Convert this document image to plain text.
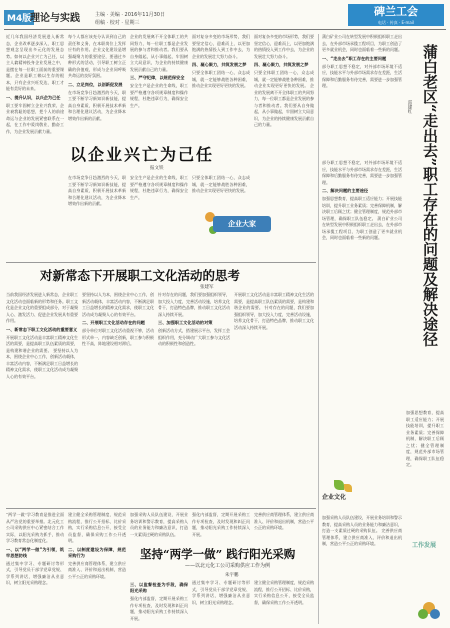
M4版
理论与实践	主编 · 美编 · 2016年11月30日
组稿 · 校对 · 星期三
碑兰工会
电话 · 传真 · E-mail
近几年我国经济发展进入新常态，企业改革逐步深入，职工思想观念呈现出多元化的发展态势。如何以企业兴亡为己任，以主人翁精神投身企业发展之中，是摆在每一位职工面前的重要课题。企业是职工赖以生存的根本，只有企业兴旺发达，职工才能有美好的未来。
一、提升认识，以兴企为己任
职工要牢固树立企业兴我荣、企业衰我耻的思想，把个人的前途命运与企业的发展紧密联系在一起，在工作中爱岗敬业，勤奋工作，为企业发展贡献力量。
每个人都应该充分认识到自己的责任和义务，在本职岗位上发挥应有的作用。企业文化建设是增强凝聚力的重要途径，要通过多种形式的活动，引导职工树立正确的价值观，形成与企业同呼吸共命运的良好氛围。
二、立足岗位，以创新促发展
在市场竞争日趋激烈的今天，职工要不断学习新知识新技能，提高自身素质，积极开展技术革新和合理化建议活动，为企业降本增效作出新的贡献。
企业的发展离不开全体职工的共同努力，每一位职工都是企业发展的参与者和推动者。我们要从自身做起，从小事做起，牢固树立大局意识，为企业的持续健康发展贡献自己的力量。
三、严守纪律，以规范保安全
安全生产是企业的生命线，职工要严格遵守各项规章制度和操作规程，杜绝违章行为，确保安全生产。
面对复杂多变的市场形势，我们要坚定信心，迎难而上，以更加饱满的热情投入到工作中去，为企业的发展壮大努力奋斗。
四、凝心聚力，共筑发展之梦
只要全体职工团结一心，众志成城，就一定能够战胜各种困难，推动企业实现更好更快的发展。
以企业兴亡为己任
报文铁
在市场竞争日趋激烈的今天，职工要不断学习新知识新技能，提高自身素质，积极开展技术革新和合理化建议活动，为企业降本增效作出新的贡献。
安全生产是企业的生命线，职工要严格遵守各项规章制度和操作规程，杜绝违章行为，确保安全生产。
只要全体职工团结一心，众志成城，就一定能够战胜各种困难，推动企业实现更好更快的发展。
企业大家
面对复杂多变的市场形势，我们要坚定信心，迎难而上，以更加饱满的热情投入到工作中去，为企业的发展壮大努力奋斗。
四、凝心聚力，共筑发展之梦
只要全体职工团结一心，众志成城，就一定能够战胜各种困难，推动企业实现更好更快的发展。 企业的发展离不开全体职工的共同努力，每一位职工都是企业发展的参与者和推动者。我们要从自身做起，从小事做起，牢固树立大局意识，为企业的持续健康发展贡献自己的力量。	蒲白老区“走出去”职工存在的问题及解决途径
雷建红
蒲白矿业公司在转型发展中积极组织职工走出去，在外部市场承揽工程项目，为职工创造了更多就业机会，同时也面临着一些新的问题。
一、“走出去”职工存在的主要问题
部分职工思想不稳定，对外部市场环境不适应，技能水平与外部市场需求存在差距，生活保障和后勤服务有待完善，需要进一步加强管理。
部分职工思想不稳定，对外部市场环境不适应，技能水平与外部市场需求存在差距，生活保障和后勤服务有待完善，需要进一步加强管理。
二、解决问题的主要途径
加强思想教育，提高职工适应能力；开展技能培训，提升职工业务素质；完善保障机制，解决职工后顾之忧；健全管理制度，规范外部市场管理，确保职工队伍稳定。 蒲白矿业公司在转型发展中积极组织职工走出去，在外部市场承揽工程项目，为职工创造了更多就业机会，同时也面临着一些新的问题。
加强思想教育，提高职工适应能力；开展技能培训，提升职工业务素质；完善保障机制，解决职工后顾之忧；健全管理制度，规范外部市场管理，确保职工队伍稳定。
对新常态下开展职工文化活动的思考
张建军
当前我国经济发展进入新常态，企业职工文化活动也面临新的形势和任务。职工文化是企业文化的重要组成部分，对于凝聚人心、激发活力、促进企业发展具有重要作用。
一、新常态下职工文化活动的重要意义
开展职工文化活动是丰富职工精神文化生活的需要，是提高职工队伍素质的需要，是构建和谐企业的需要。 要坚持以人为本，围绕企业中心工作，创新活动载体，丰富活动内容，不断满足职工日益增长的精神文化需求，使职工文化活动成为凝聚人心的有效平台。
要坚持以人为本，围绕企业中心工作，创新活动载体，丰富活动内容，不断满足职工日益增长的精神文化需求，使职工文化活动成为凝聚人心的有效平台。
二、开展职工文化活动存在的问题
部分单位对职工文化活动重视不够，活动形式单一，内容缺乏创新，职工参与积极性不高，阵地建设相对滞后。
针对存在的问题，我们要加强组织领导，加大投入力度，完善活动设施，培养文化骨干，打造特色品牌，推动职工文化活动深入持续开展。
三、加强职工文化活动的对策
创新活动方式，搭建展示平台，发挥工会组织作用，充分调动广大职工参与文化活动的积极性和创造性。
开展职工文化活动是丰富职工精神文化生活的需要，是提高职工队伍素质的需要，是构建和谐企业的需要。 针对存在的问题，我们要加强组织领导，加大投入力度，完善活动设施，培养文化骨干，打造特色品牌，推动职工文化活动深入持续开展。
企业文化
“两学一做”学习教育是推进全面从严治党的重要举措。北元化工公司采购供应中心紧密结合工作实际，以阳光采购为抓手，推动学习教育常态化制度化。
一、以“两学一做”为引领，筑牢思想防线
通过集中学习、专题研讨等形式，引导党员干部学党章党规、学系列讲话，增强廉洁从业意识，树立阳光采购理念。
建立健全采购管理制度，规范采购流程，推行公开招标、比价采购，实行采购信息公开，接受全员监督，确保采购工作公开透明。
二、以制度建设为保障，规范采购行为
完善供应商管理体系，建立供应商准入、评价和退出机制，营造公平公正的采购环境。
坚持“两学一做” 践行阳光采购
——以北元化工公司采购供应工作为例
朱宇鹏
加强采购人员队伍建设，开展业务培训和警示教育，提高采购人员的业务能力和廉洁意识，打造一支素质过硬的采购队伍。
强化内部监督，定期开展采购工作专项检查，及时发现和纠正问题，推动阳光采购工作持续深入开展。
完善供应商管理体系，建立供应商准入、评价和退出机制，营造公平公正的采购环境。
三、以监督检查为手段，确保阳光采购
强化内部监督，定期开展采购工作专项检查，及时发现和纠正问题，推动阳光采购工作持续深入开展。
通过集中学习、专题研讨等形式，引导党员干部学党章党规、学系列讲话，增强廉洁从业意识，树立阳光采购理念。
建立健全采购管理制度，规范采购流程，推行公开招标、比价采购，实行采购信息公开，接受全员监督，确保采购工作公开透明。
加强采购人员队伍建设，开展业务培训和警示教育，提高采购人员的业务能力和廉洁意识，打造一支素质过硬的采购队伍。 完善供应商管理体系，建立供应商准入、评价和退出机制，营造公平公正的采购环境。	工作发展
